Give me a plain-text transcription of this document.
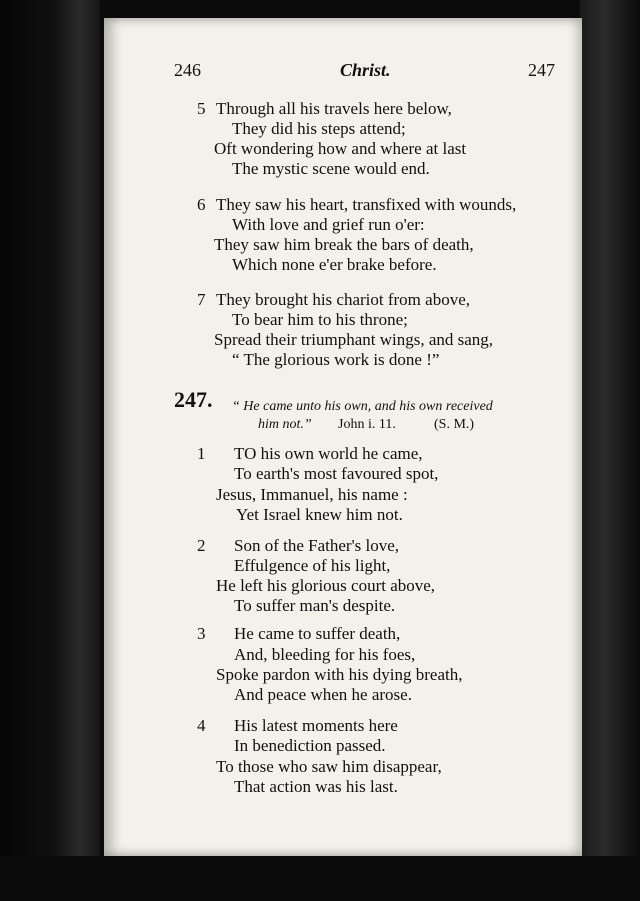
246	Christ.	247
5 Through all his travels here below,
They did his steps attend;
Oft wondering how and where at last
The mystic scene would end.
6 They saw his heart, transfixed with wounds,
With love and grief run o'er:
They saw him break the bars of death,
Which none e'er brake before.
7 They brought his chariot from above,
To bear him to his throne;
Spread their triumphant wings, and sang,
“ The glorious work is done !”
247. “ He came unto his own, and his own received
him not.” John i. 11.	(S. M.)
1 TO his own world he came,
To earth's most favoured spot,
Jesus, Immanuel, his name :
Yet Israel knew him not.
2 Son of the Father's love,
Effulgence of his light,
He left his glorious court above,
To suffer man's despite.
3 He came to suffer death,
And, bleeding for his foes,
Spoke pardon with his dying breath,
And peace when he arose.
4 His latest moments here
In benediction passed.
To those who saw him disappear,
That action was his last.
